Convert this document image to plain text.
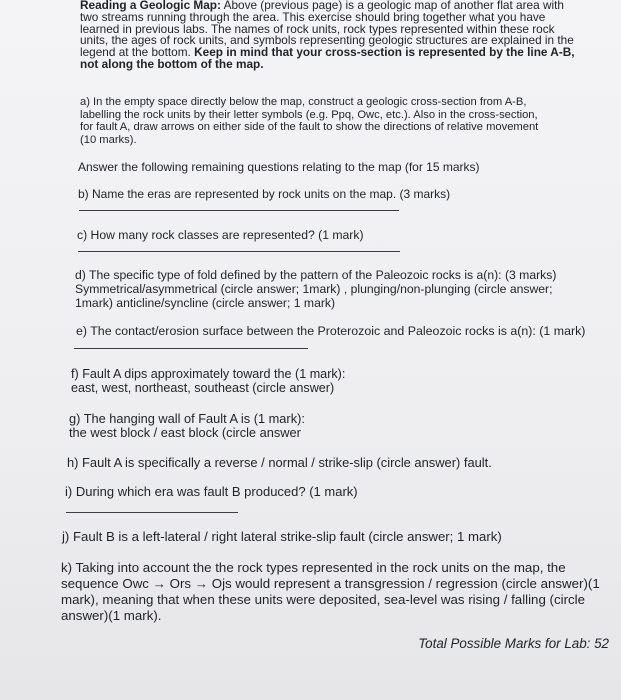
Reading a Geologic Map: Above (previous page) is a geologic map of another flat area with
two streams running through the area. This exercise should bring together what you have
learned in previous labs. The names of rock units, rock types represented within these rock
units, the ages of rock units, and symbols representing geologic structures are explained in the
legend at the bottom. Keep in mind that your cross-section is represented by the line A-B,
not along the bottom of the map.
a) In the empty space directly below the map, construct a geologic cross-section from A-B,
labelling the rock units by their letter symbols (e.g. Ppq, Owc, etc.). Also in the cross-section,
for fault A, draw arrows on either side of the fault to show the directions of relative movement
(10 marks).
Answer the following remaining questions relating to the map (for 15 marks)
b) Name the eras are represented by rock units on the map. (3 marks)
c) How many rock classes are represented? (1 mark)
d) The specific type of fold defined by the pattern of the Paleozoic rocks is a(n): (3 marks)
Symmetrical/asymmetrical (circle answer; 1mark) , plunging/non-plunging (circle answer;
1mark) anticline/syncline (circle answer; 1 mark)
e) The contact/erosion surface between the Proterozoic and Paleozoic rocks is a(n): (1 mark)
f) Fault A dips approximately toward the (1 mark):
east, west, northeast, southeast (circle answer)
g) The hanging wall of Fault A is (1 mark):
the west block / east block (circle answer
h) Fault A is specifically a reverse / normal / strike-slip (circle answer) fault.
i) During which era was fault B produced? (1 mark)
j) Fault B is a left-lateral / right lateral strike-slip fault (circle answer; 1 mark)
k) Taking into account the the rock types represented in the rock units on the map, the
sequence Owc → Ors → Ojs would represent a transgression / regression (circle answer)(1
mark), meaning that when these units were deposited, sea-level was rising / falling (circle
answer)(1 mark).
Total Possible Marks for Lab: 52
